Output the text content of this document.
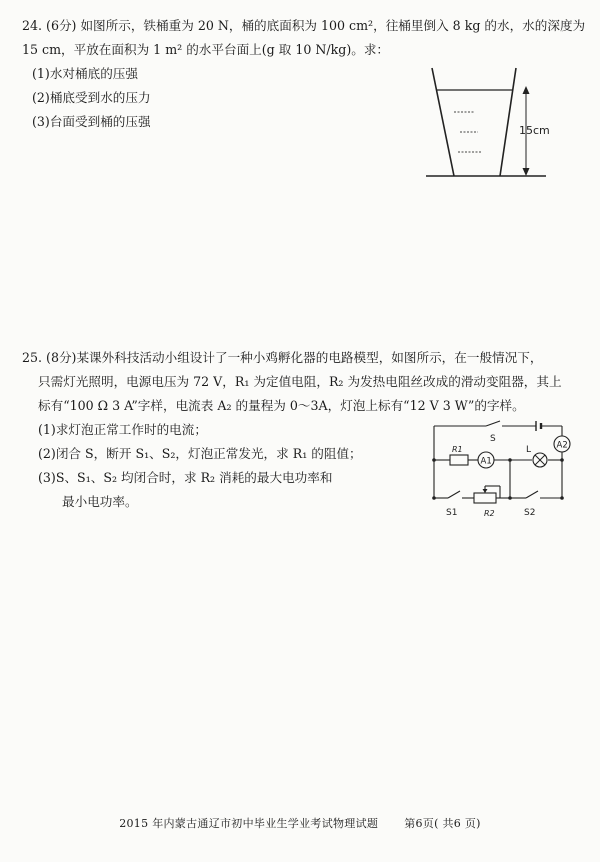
24. (6分) 如图所示，铁桶重为 20 N，桶的底面积为 100 cm²，往桶里倒入 8 kg 的水，水的深度为
15 cm，平放在面积为 1 m² 的水平台面上(g 取 10 N/kg)。求：
(1)水对桶底的压强
(2)桶底受到水的压力
(3)台面受到桶的压强
15cm
25. (8分)某课外科技活动小组设计了一种小鸡孵化器的电路模型，如图所示，在一般情况下，
只需灯光照明，电源电压为 72 V，R₁ 为定值电阻，R₂ 为发热电阻丝改成的滑动变阻器，其上
标有“100 Ω 3 A”字样，电流表 A₂ 的量程为 0～3A，灯泡上标有“12 V 3 W”的字样。
(1)求灯泡正常工作时的电流；
(2)闭合 S，断开 S₁、S₂，灯泡正常发光，求 R₁ 的阻值；
(3)S、S₁、S₂ 均闭合时，求 R₂ 消耗的最大电功率和
最小电功率。
A1
L	A2
S
R1
S1	R2	S2
2015 年内蒙古通辽市初中毕业生学业考试物理试题 第6页( 共6 页)
